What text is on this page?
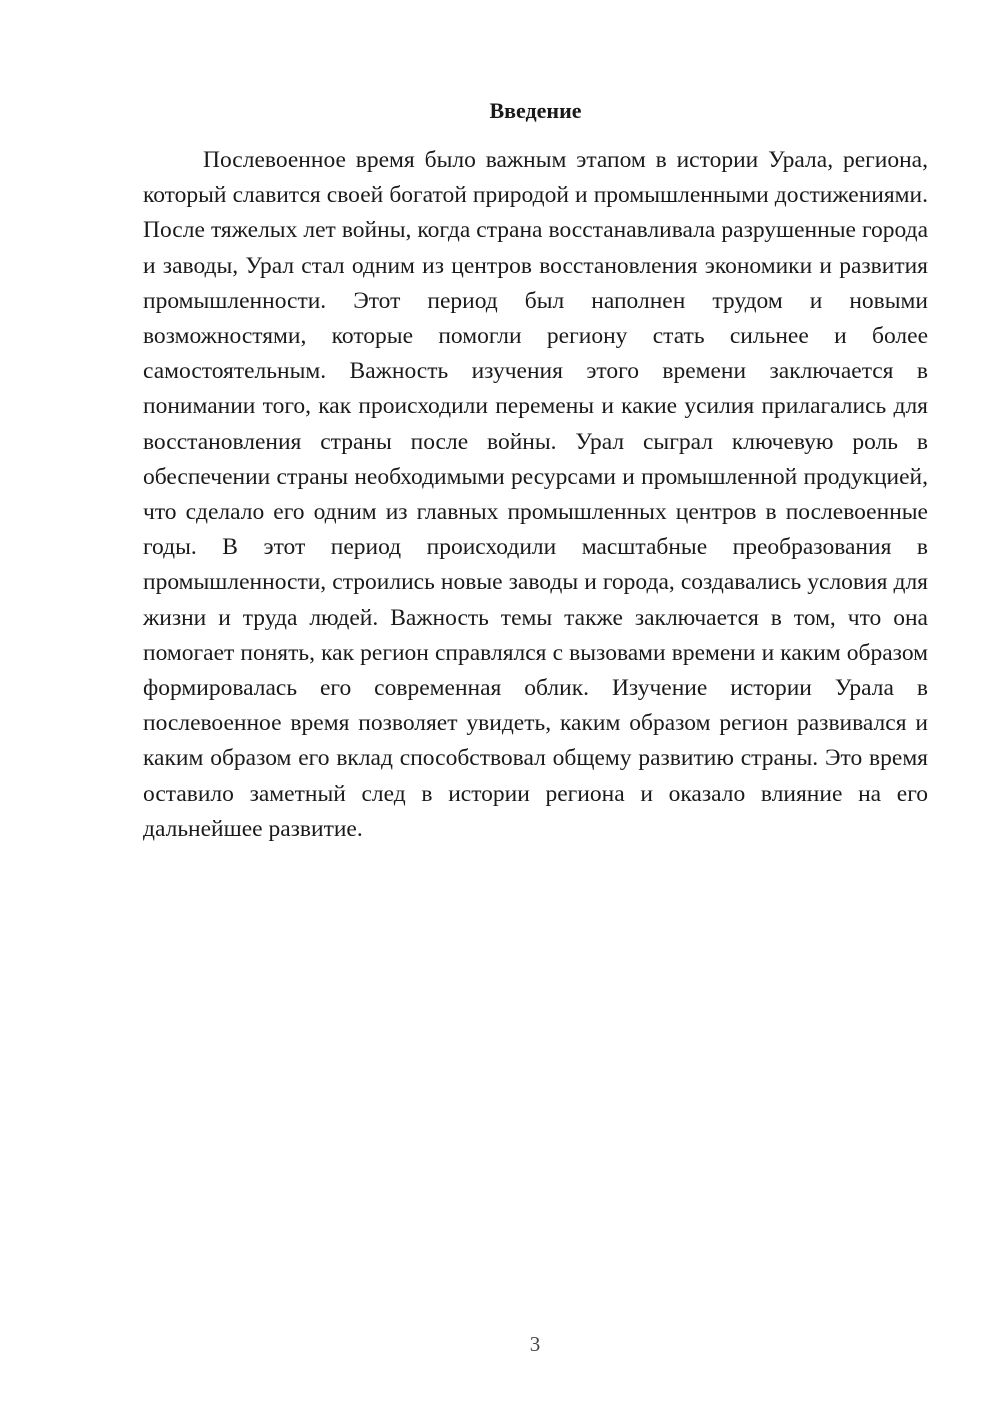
Введение

Послевоенное время было важным этапом в истории Урала, региона, который славится своей богатой природой и промышленными достижениями. После тяжелых лет войны, когда страна восстанавливала разрушенные города и заводы, Урал стал одним из центров восстановления экономики и развития промышленности. Этот период был наполнен трудом и новыми возможностями, которые помогли региону стать сильнее и более самостоятельным. Важность изучения этого времени заключается в понимании того, как происходили перемены и какие усилия прилагались для восстановления страны после войны. Урал сыграл ключевую роль в обеспечении страны необходимыми ресурсами и промышленной продукцией, что сделало его одним из главных промышленных центров в послевоенные годы. В этот период происходили масштабные преобразования в промышленности, строились новые заводы и города, создавались условия для жизни и труда людей. Важность темы также заключается в том, что она помогает понять, как регион справлялся с вызовами времени и каким образом формировалась его современная облик. Изучение истории Урала в послевоенное время позволяет увидеть, каким образом регион развивался и каким образом его вклад способствовал общему развитию страны. Это время оставило заметный след в истории региона и оказало влияние на его дальнейшее развитие.

3
